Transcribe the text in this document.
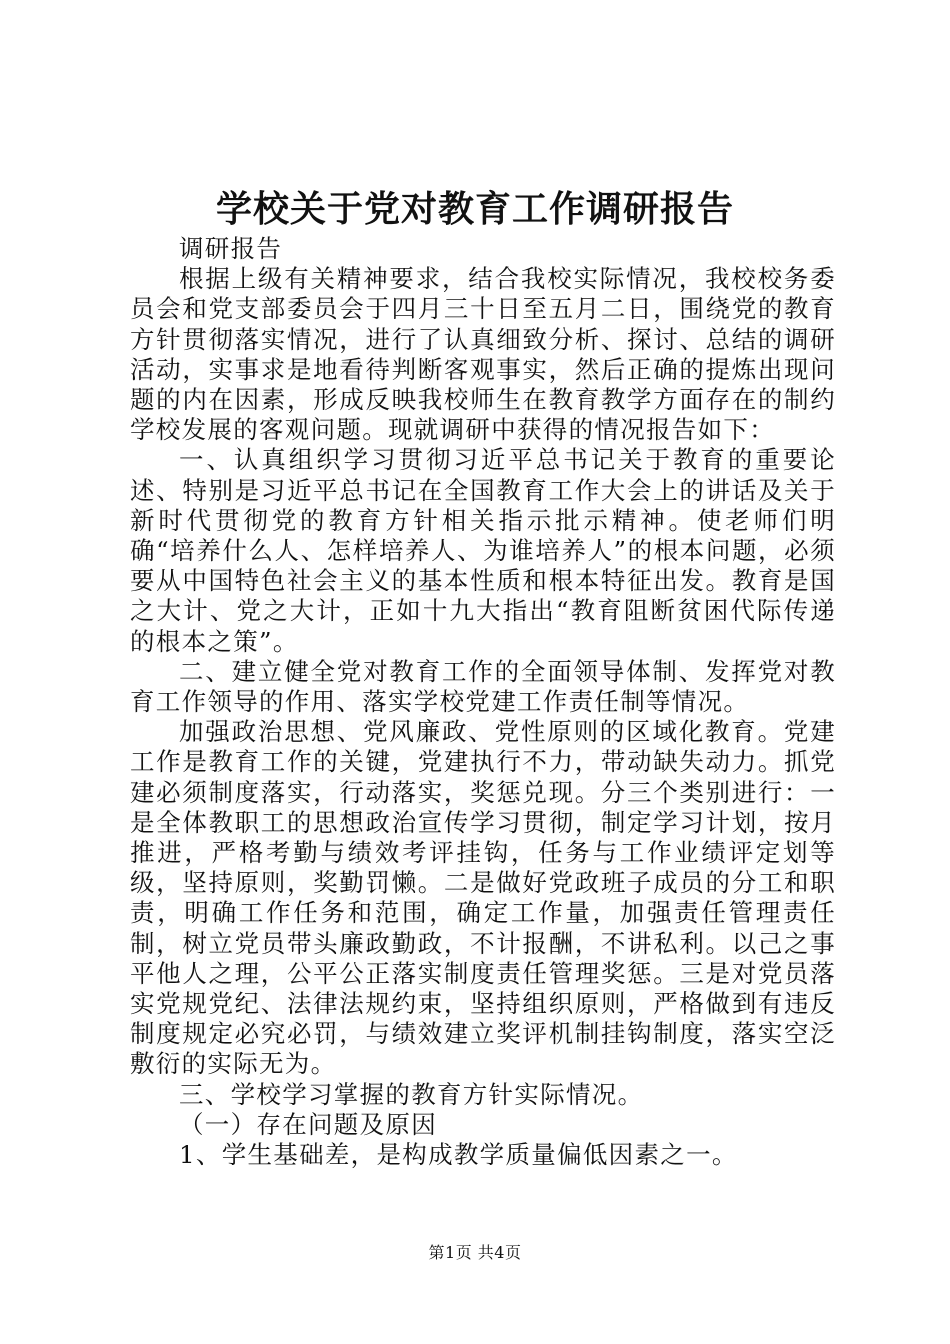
学校关于党对教育工作调研报告

调研报告

根据上级有关精神要求，结合我校实际情况，我校校务委员会和党支部委员会于四月三十日至五月二日，围绕党的教育方针贯彻落实情况，进行了认真细致分析、探讨、总结的调研活动，实事求是地看待判断客观事实，然后正确的提炼出现问题的内在因素，形成反映我校师生在教育教学方面存在的制约学校发展的客观问题。现就调研中获得的情况报告如下：

一、认真组织学习贯彻习近平总书记关于教育的重要论述、特别是习近平总书记在全国教育工作大会上的讲话及关于新时代贯彻党的教育方针相关指示批示精神。使老师们明确“培养什么人、怎样培养人、为谁培养人”的根本问题，必须要从中国特色社会主义的基本性质和根本特征出发。教育是国之大计、党之大计，正如十九大指出“教育阻断贫困代际传递的根本之策”。

二、建立健全党对教育工作的全面领导体制、发挥党对教育工作领导的作用、落实学校党建工作责任制等情况。

加强政治思想、党风廉政、党性原则的区域化教育。党建工作是教育工作的关键，党建执行不力，带动缺失动力。抓党建必须制度落实，行动落实，奖惩兑现。分三个类别进行：一是全体教职工的思想政治宣传学习贯彻，制定学习计划，按月推进，严格考勤与绩效考评挂钩，任务与工作业绩评定划等级，坚持原则，奖勤罚懒。二是做好党政班子成员的分工和职责，明确工作任务和范围，确定工作量，加强责任管理责任制，树立党员带头廉政勤政，不计报酬，不讲私利。以己之事平他人之理，公平公正落实制度责任管理奖惩。三是对党员落实党规党纪、法律法规约束，坚持组织原则，严格做到有违反制度规定必究必罚，与绩效建立奖评机制挂钩制度，落实空泛敷衍的实际无为。

三、学校学习掌握的教育方针实际情况。

（一）存在问题及原因

1、学生基础差，是构成教学质量偏低因素之一。

第1页 共4页
